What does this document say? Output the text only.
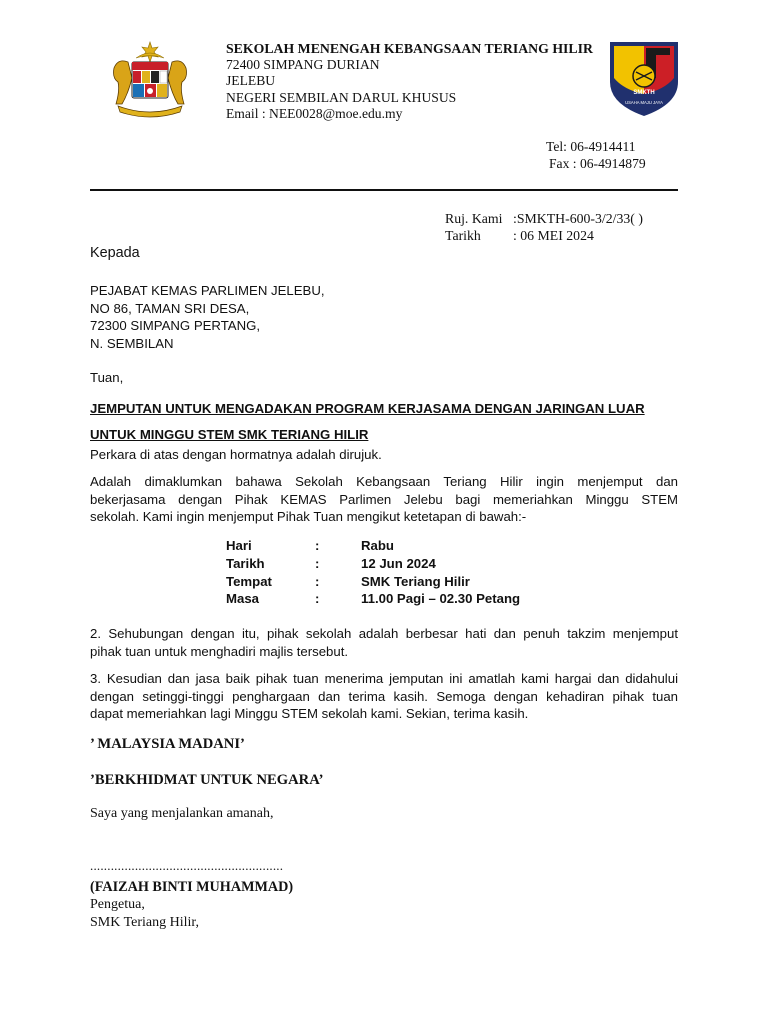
SMKTH
USAHA MAJU JAYA
SEKOLAH MENENGAH KEBANGSAAN TERIANG HILIR
72400 SIMPANG DURIAN
JELEBU
NEGERI SEMBILAN DARUL KHUSUS
Email : NEE0028@moe.edu.my
Tel: 06-4914411
Fax : 06-4914879
Ruj. Kami :SMKTH-600-3/2/33( )
Tarikh	: 06 MEI 2024
Kepada
PEJABAT KEMAS PARLIMEN JELEBU,
NO 86, TAMAN SRI DESA,
72300 SIMPANG PERTANG,
N. SEMBILAN
Tuan,
JEMPUTAN UNTUK MENGADAKAN PROGRAM KERJASAMA DENGAN JARINGAN LUAR
UNTUK MINGGU STEM SMK TERIANG HILIR
Perkara di atas dengan hormatnya adalah dirujuk.
Adalah dimaklumkan bahawa Sekolah Kebangsaan Teriang Hilir ingin menjemput dan
bekerjasama dengan Pihak KEMAS Parlimen Jelebu bagi memeriahkan Minggu STEM
sekolah. Kami ingin menjemput Pihak Tuan mengikut ketetapan di bawah:-
Hari	:	Rabu
Tarikh	:	12 Jun 2024
Tempat	:	SMK Teriang Hilir
Masa	:	11.00 Pagi – 02.30 Petang
2. Sehubungan dengan itu, pihak sekolah adalah berbesar hati dan penuh takzim menjemput
pihak tuan untuk menghadiri majlis tersebut.
3. Kesudian dan jasa baik pihak tuan menerima jemputan ini amatlah kami hargai dan didahului
dengan setinggi-tinggi penghargaan dan terima kasih. Semoga dengan kehadiran pihak tuan
dapat memeriahkan lagi Minggu STEM sekolah kami. Sekian, terima kasih.
’ MALAYSIA MADANI’
’BERKHIDMAT UNTUK NEGARA’
Saya yang menjalankan amanah,
........................................................
(FAIZAH BINTI MUHAMMAD)
Pengetua,
SMK Teriang Hilir,
